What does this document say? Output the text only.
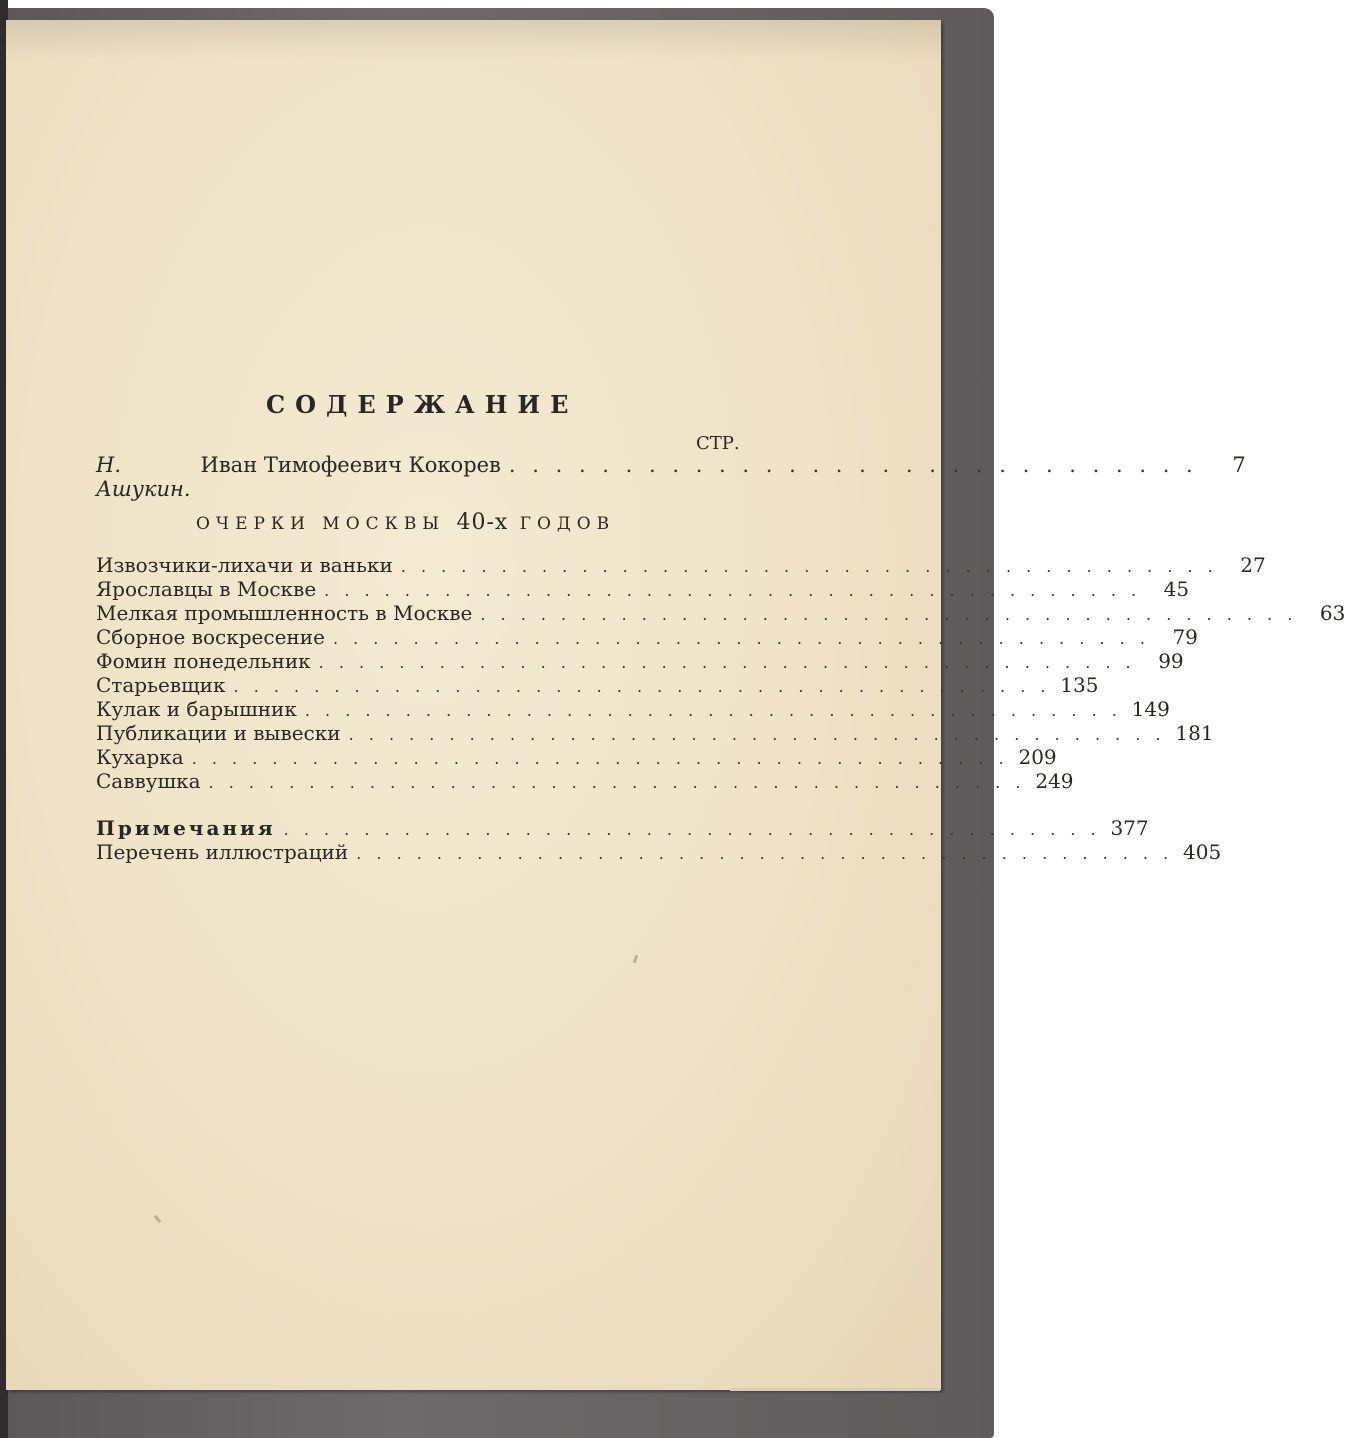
СОДЕРЖАНИЕ
СТР.
Н. Ашукин.
Иван Тимофеевич Кокорев . . . . . . . . . . . . . . . . . . . . . . . . . . . . . .	7
ОЧЕРКИ МОСКВЫ 40-х ГОДОВ
Извозчики-лихачи и ваньки . . . . . . . . . . . . . . . . . . . . . . . . . . . . . . . . . . . . . . . . .	27
Ярославцы в Москве . . . . . . . . . . . . . . . . . . . . . . . . . . . . . . . . . . . . . . . . .	45
Мелкая промышленность в Москве . . . . . . . . . . . . . . . . . . . . . . . . . . . . . . . . . . . . . . . . .	63
Сборное воскресение . . . . . . . . . . . . . . . . . . . . . . . . . . . . . . . . . . . . . . . . .	79
Фомин понедельник . . . . . . . . . . . . . . . . . . . . . . . . . . . . . . . . . . . . . . . . .	99
Старьевщик . . . . . . . . . . . . . . . . . . . . . . . . . . . . . . . . . . . . . . . . . 135
Кулак и барышник . . . . . . . . . . . . . . . . . . . . . . . . . . . . . . . . . . . . . . . . . 149
Публикации и вывески . . . . . . . . . . . . . . . . . . . . . . . . . . . . . . . . . . . . . . . . . 181
Кухарка . . . . . . . . . . . . . . . . . . . . . . . . . . . . . . . . . . . . . . . . . 209
Саввушка . . . . . . . . . . . . . . . . . . . . . . . . . . . . . . . . . . . . . . . . . 249
Примечания . . . . . . . . . . . . . . . . . . . . . . . . . . . . . . . . . . . . . . . . . 377
Перечень иллюстраций . . . . . . . . . . . . . . . . . . . . . . . . . . . . . . . . . . . . . . . . . 405
